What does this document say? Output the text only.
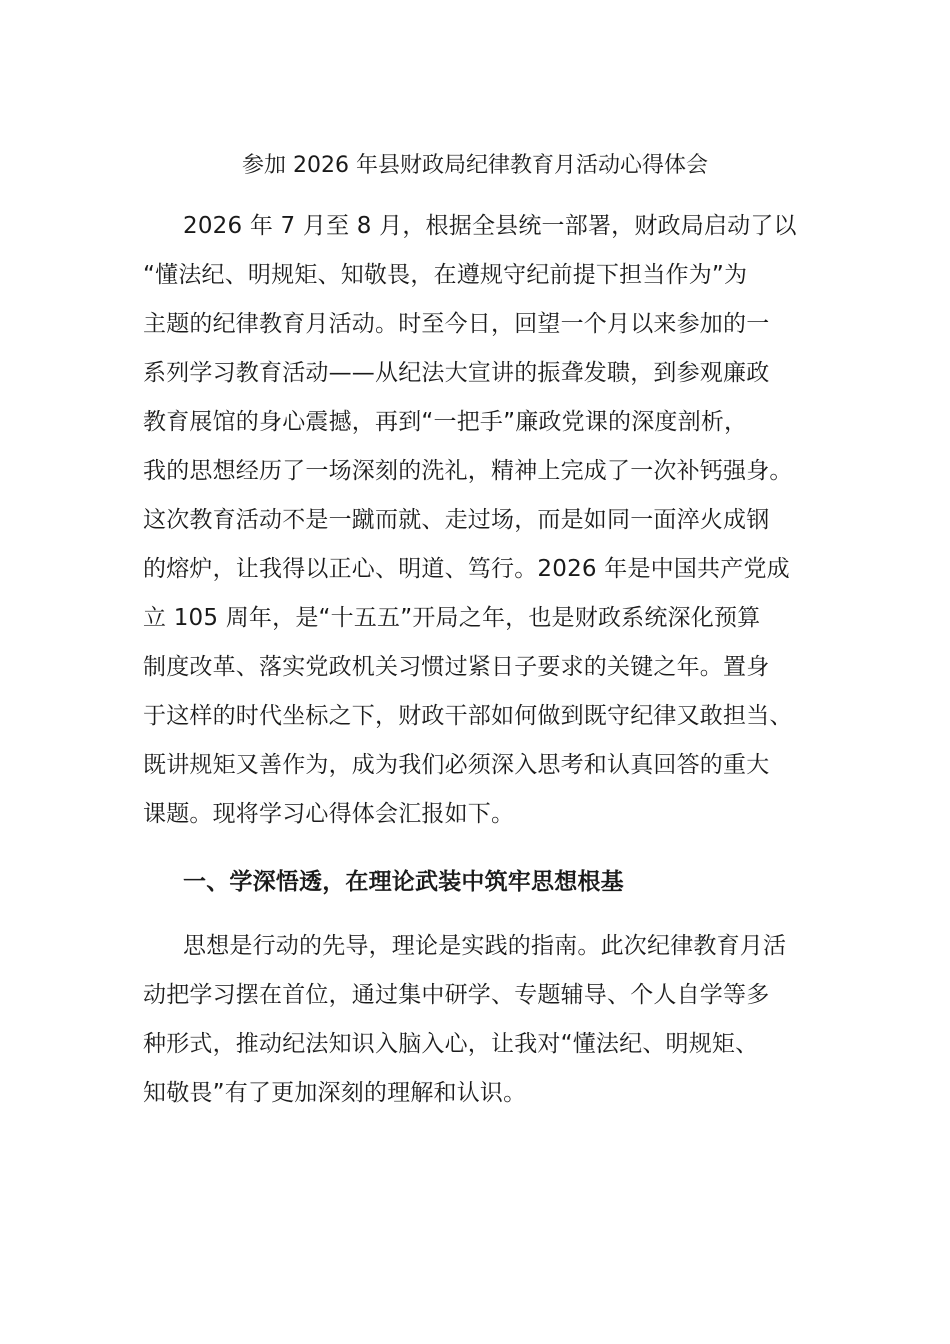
参加 2026 年县财政局纪律教育月活动心得体会
2026 年 7 月至 8 月，根据全县统一部署，财政局启动了以
“懂法纪、明规矩、知敬畏，在遵规守纪前提下担当作为”为
主题的纪律教育月活动。时至今日，回望一个月以来参加的一
系列学习教育活动——从纪法大宣讲的振聋发聩，到参观廉政
教育展馆的身心震撼，再到“一把手”廉政党课的深度剖析，
我的思想经历了一场深刻的洗礼，精神上完成了一次补钙强身。
这次教育活动不是一蹴而就、走过场，而是如同一面淬火成钢
的熔炉，让我得以正心、明道、笃行。2026 年是中国共产党成
立 105 周年，是“十五五”开局之年，也是财政系统深化预算
制度改革、落实党政机关习惯过紧日子要求的关键之年。置身
于这样的时代坐标之下，财政干部如何做到既守纪律又敢担当、
既讲规矩又善作为，成为我们必须深入思考和认真回答的重大
课题。现将学习心得体会汇报如下。
一、学深悟透，在理论武装中筑牢思想根基
思想是行动的先导，理论是实践的指南。此次纪律教育月活
动把学习摆在首位，通过集中研学、专题辅导、个人自学等多
种形式，推动纪法知识入脑入心，让我对“懂法纪、明规矩、
知敬畏”有了更加深刻的理解和认识。
